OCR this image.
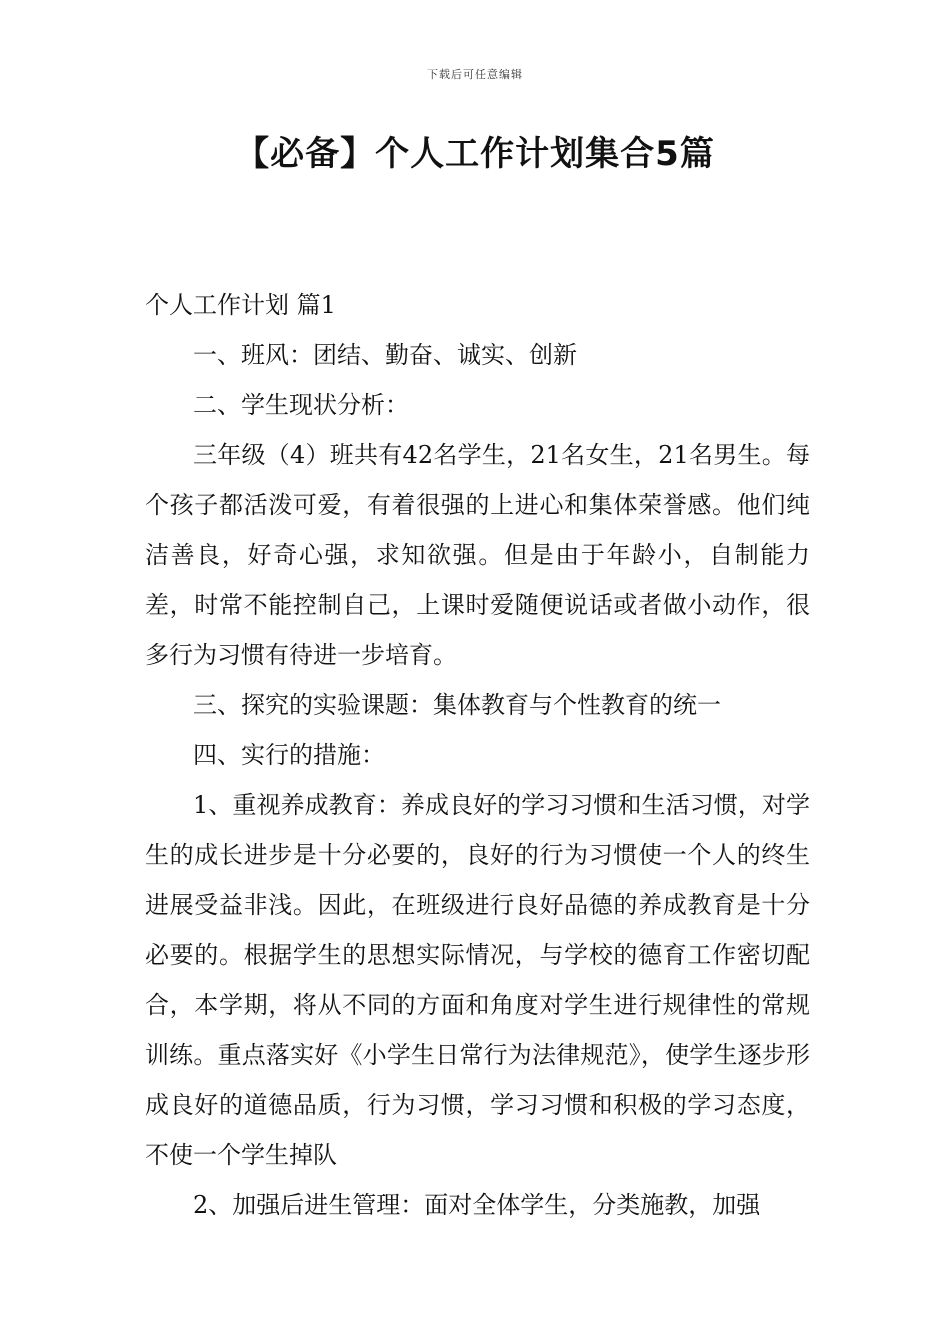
下载后可任意编辑
【必备】个人工作计划集合5篇

个人工作计划 篇1

一、班风：团结、勤奋、诚实、创新

二、学生现状分析：

三年级（4）班共有42名学生，21名女生，21名男生。每个孩子都活泼可爱，有着很强的上进心和集体荣誉感。他们纯洁善良，好奇心强，求知欲强。但是由于年龄小，自制能力差，时常不能控制自己，上课时爱随便说话或者做小动作，很多行为习惯有待进一步培育。

三、探究的实验课题：集体教育与个性教育的统一

四、实行的措施：

1、重视养成教育：养成良好的学习习惯和生活习惯，对学生的成长进步是十分必要的，良好的行为习惯使一个人的终生进展受益非浅。因此，在班级进行良好品德的养成教育是十分必要的。根据学生的思想实际情况，与学校的德育工作密切配合，本学期，将从不同的方面和角度对学生进行规律性的常规训练。重点落实好《小学生日常行为法律规范》，使学生逐步形成良好的道德品质，行为习惯，学习习惯和积极的学习态度，不使一个学生掉队

2、加强后进生管理：面对全体学生，分类施教，加强
